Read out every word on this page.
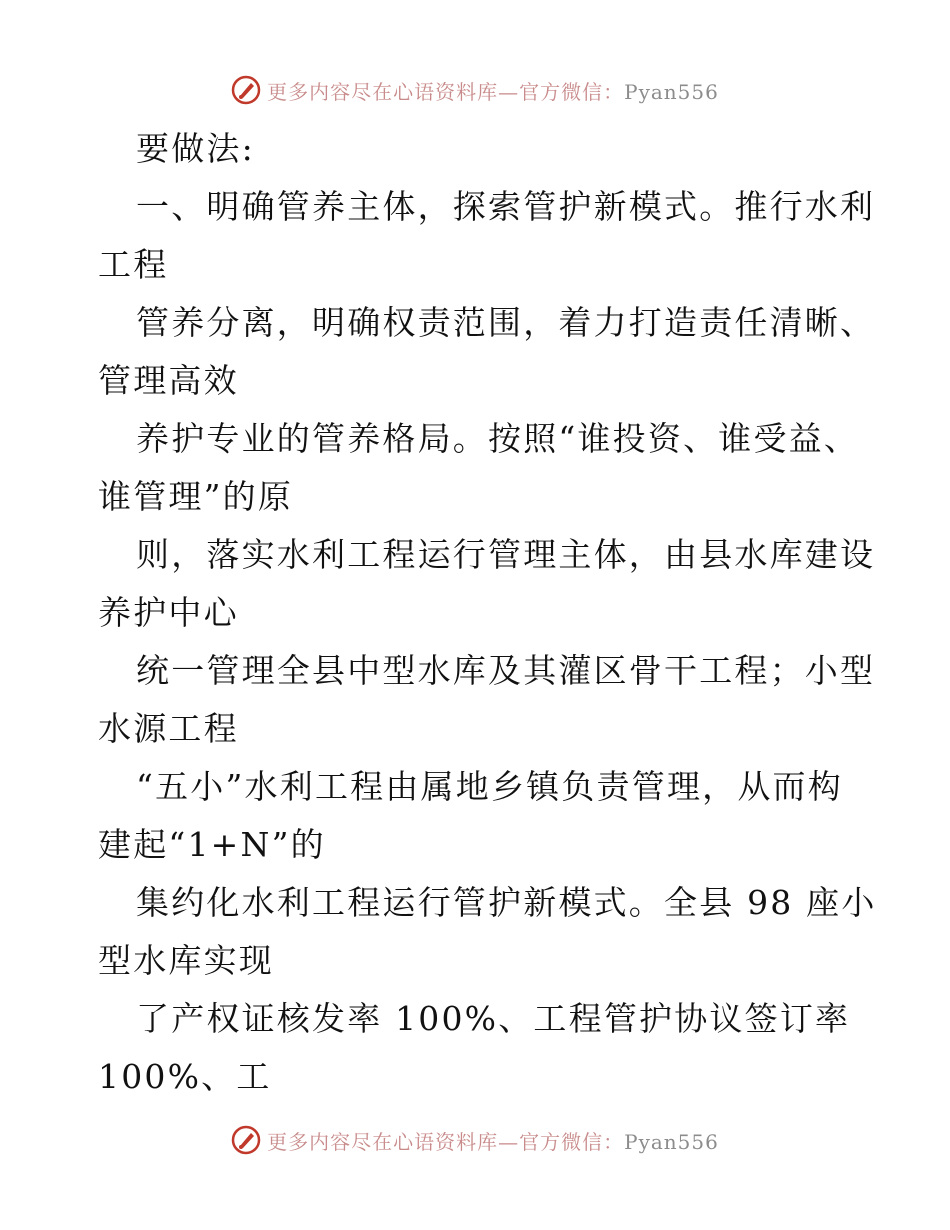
更多内容尽在心语资料库—官方微信：Pyan556
要做法:
一、明确管养主体，探索管护新模式。推行水利
工程
管养分离，明确权责范围，着力打造责任清晰、
管理高效
养护专业的管养格局。按照“谁投资、谁受益、
谁管理”的原
则，落实水利工程运行管理主体，由县水库建设
养护中心
统一管理全县中型水库及其灌区骨干工程；小型
水源工程
“五小”水利工程由属地乡镇负责管理，从而构
建起“1+N”的
集约化水利工程运行管护新模式。全县 98 座小
型水库实现
了产权证核发率 100%、工程管护协议签订率
100%、工
更多内容尽在心语资料库—官方微信：Pyan556
